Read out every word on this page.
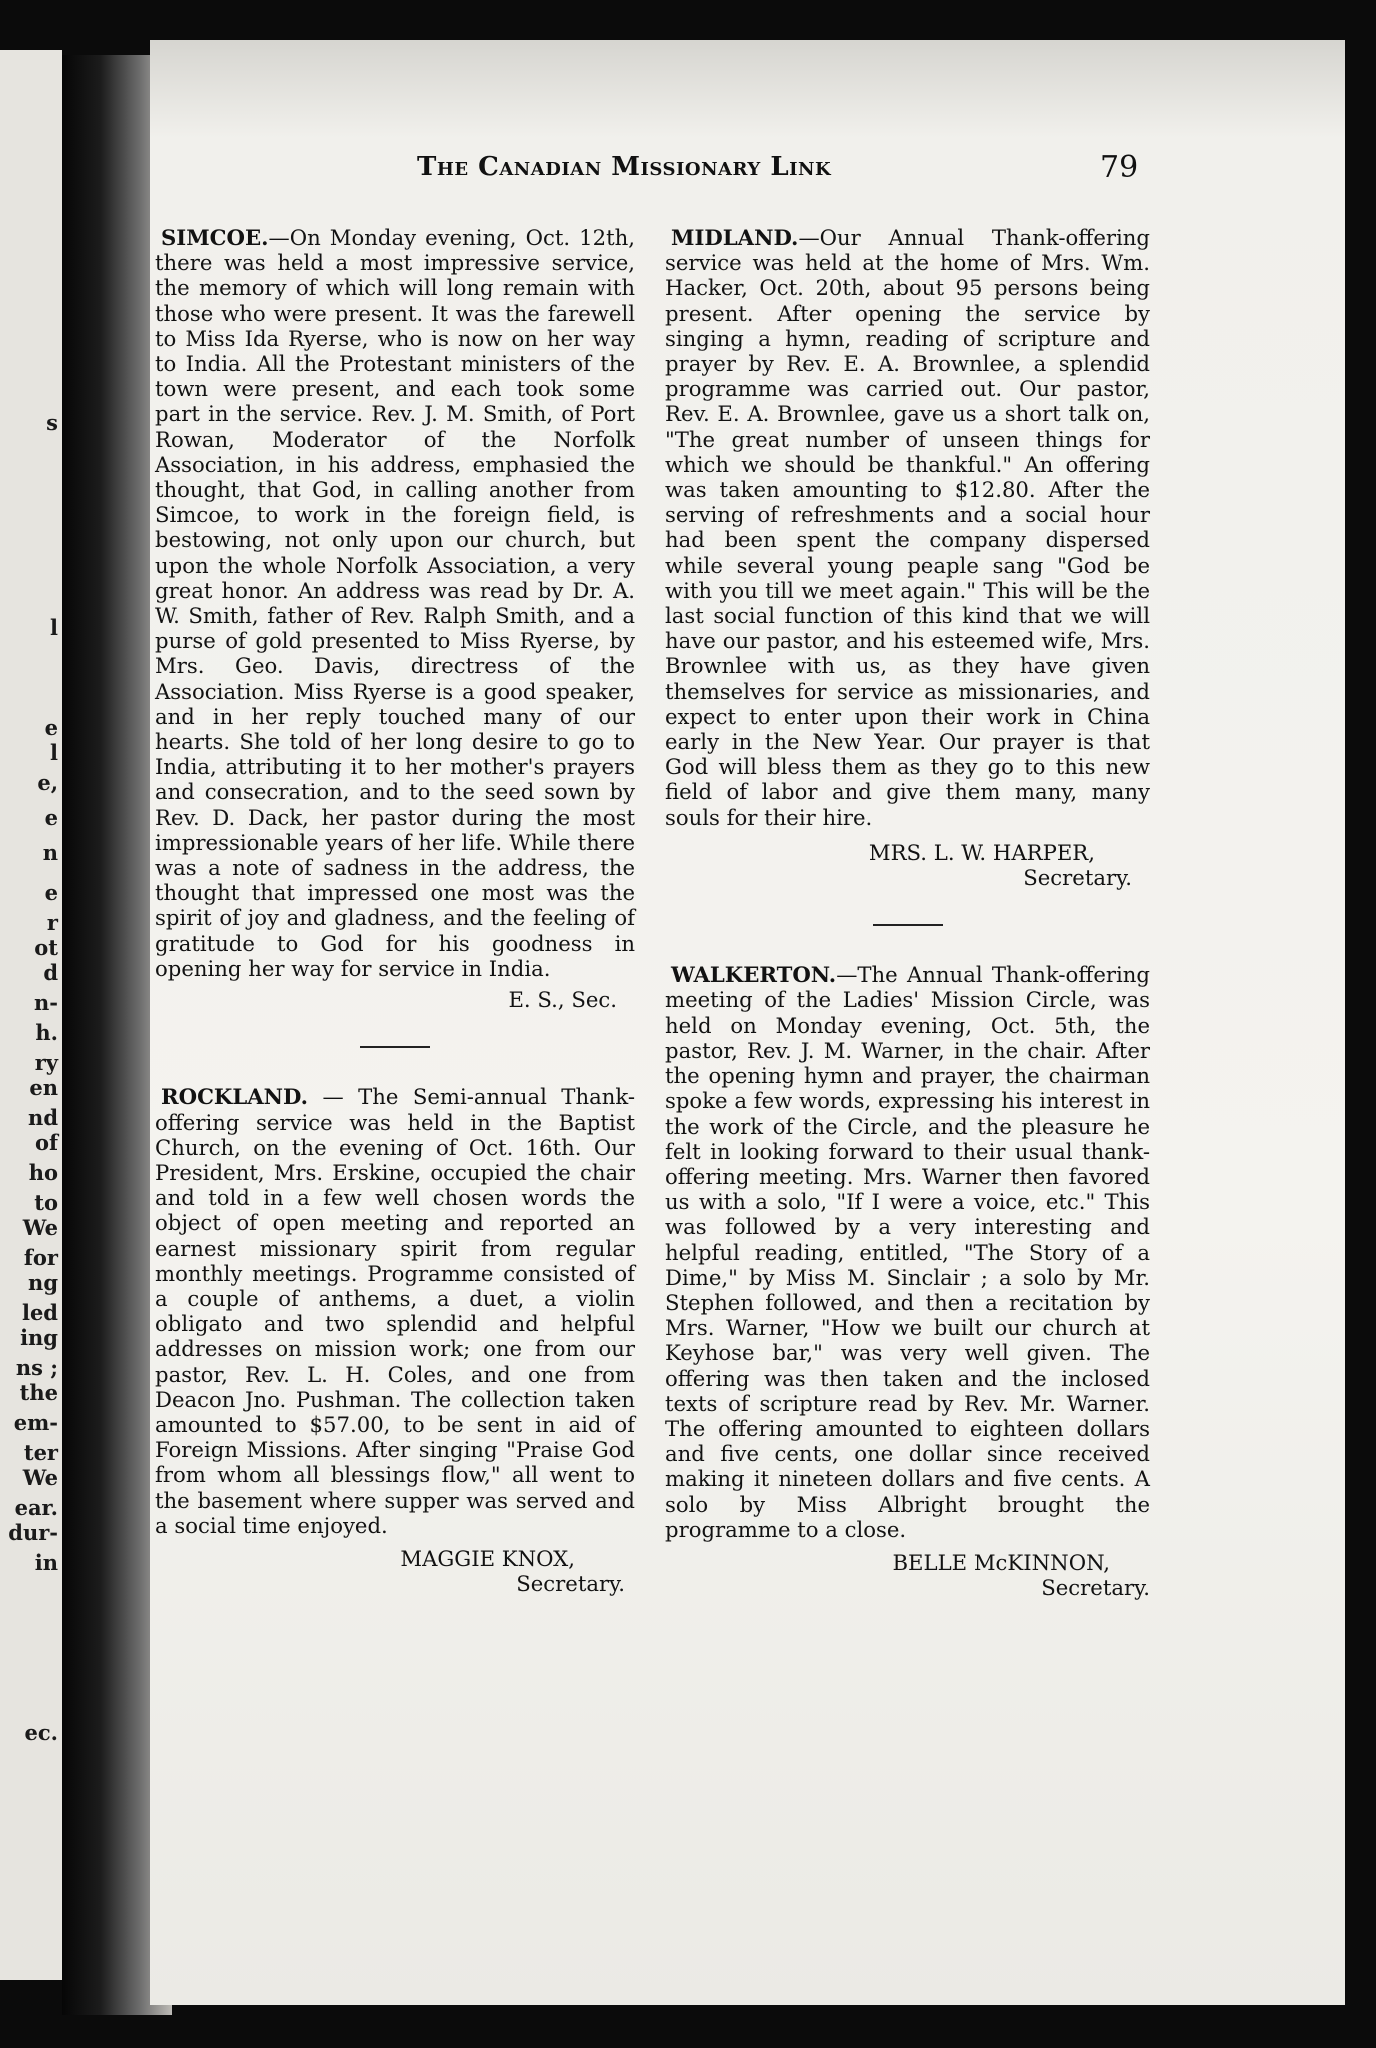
s
l
e
l
e,
e
n
e
r
ot
d
n-
h.
ry
en
nd
of
ho
to
We
for
ng
led
ing
ns ;
the
em-
ter
We
ear.
dur-
in
ec.
The Canadian Missionary Link	79

SIMCOE.—On Monday evening, Oct. 12th, there was held a most impressive service, the memory of which will long remain with those who were present. It was the farewell to Miss Ida Ryerse, who is now on her way to India. All the Protestant ministers of the town were present, and each took some part in the service. Rev. J. M. Smith, of Port Rowan, Moderator of the Norfolk Association, in his address, emphasied the thought, that God, in calling another from Simcoe, to work in the foreign field, is bestowing, not only upon our church, but upon the whole Norfolk Association, a very great honor. An address was read by Dr. A. W. Smith, father of Rev. Ralph Smith, and a purse of gold presented to Miss Ryerse, by Mrs. Geo. Davis, directress of the Association. Miss Ryerse is a good speaker, and in her reply touched many of our hearts. She told of her long desire to go to India, attributing it to her mother's prayers and consecration, and to the seed sown by Rev. D. Dack, her pastor during the most impressionable years of her life. While there was a note of sadness in the address, the thought that impressed one most was the spirit of joy and gladness, and the feeling of gratitude to God for his goodness in opening her way for service in India.

E. S., Sec.

ROCKLAND. — The Semi-annual Thank-offering service was held in the Baptist Church, on the evening of Oct. 16th. Our President, Mrs. Erskine, occupied the chair and told in a few well chosen words the object of open meeting and reported an earnest missionary spirit from regular monthly meetings. Programme consisted of a couple of anthems, a duet, a violin obligato and two splendid and helpful addresses on mission work; one from our pastor, Rev. L. H. Coles, and one from Deacon Jno. Pushman. The collection taken amounted to $57.00, to be sent in aid of Foreign Missions. After singing "Praise God from whom all blessings flow," all went to the basement where supper was served and a social time enjoyed.

MAGGIE KNOX,

Secretary.

MIDLAND.—Our Annual Thank-offering service was held at the home of Mrs. Wm. Hacker, Oct. 20th, about 95 persons being present. After opening the service by singing a hymn, reading of scripture and prayer by Rev. E. A. Brownlee, a splendid programme was carried out. Our pastor, Rev. E. A. Brownlee, gave us a short talk on, "The great number of unseen things for which we should be thankful." An offering was taken amounting to $12.80. After the serving of refreshments and a social hour had been spent the company dispersed while several young peaple sang "God be with you till we meet again." This will be the last social function of this kind that we will have our pastor, and his esteemed wife, Mrs. Brownlee with us, as they have given themselves for service as missionaries, and expect to enter upon their work in China early in the New Year. Our prayer is that God will bless them as they go to this new field of labor and give them many, many souls for their hire.

MRS. L. W. HARPER,

Secretary.

WALKERTON.—The Annual Thank-offering meeting of the Ladies' Mission Circle, was held on Monday evening, Oct. 5th, the pastor, Rev. J. M. Warner, in the chair. After the opening hymn and prayer, the chairman spoke a few words, expressing his interest in the work of the Circle, and the pleasure he felt in looking forward to their usual thank-offering meeting. Mrs. Warner then favored us with a solo, "If I were a voice, etc." This was followed by a very interesting and helpful reading, entitled, "The Story of a Dime," by Miss M. Sinclair ; a solo by Mr. Stephen followed, and then a recitation by Mrs. Warner, "How we built our church at Keyhose bar," was very well given. The offering was then taken and the inclosed texts of scripture read by Rev. Mr. Warner. The offering amounted to eighteen dollars and five cents, one dollar since received making it nineteen dollars and five cents. A solo by Miss Albright brought the programme to a close.

BELLE McKINNON,

Secretary.
